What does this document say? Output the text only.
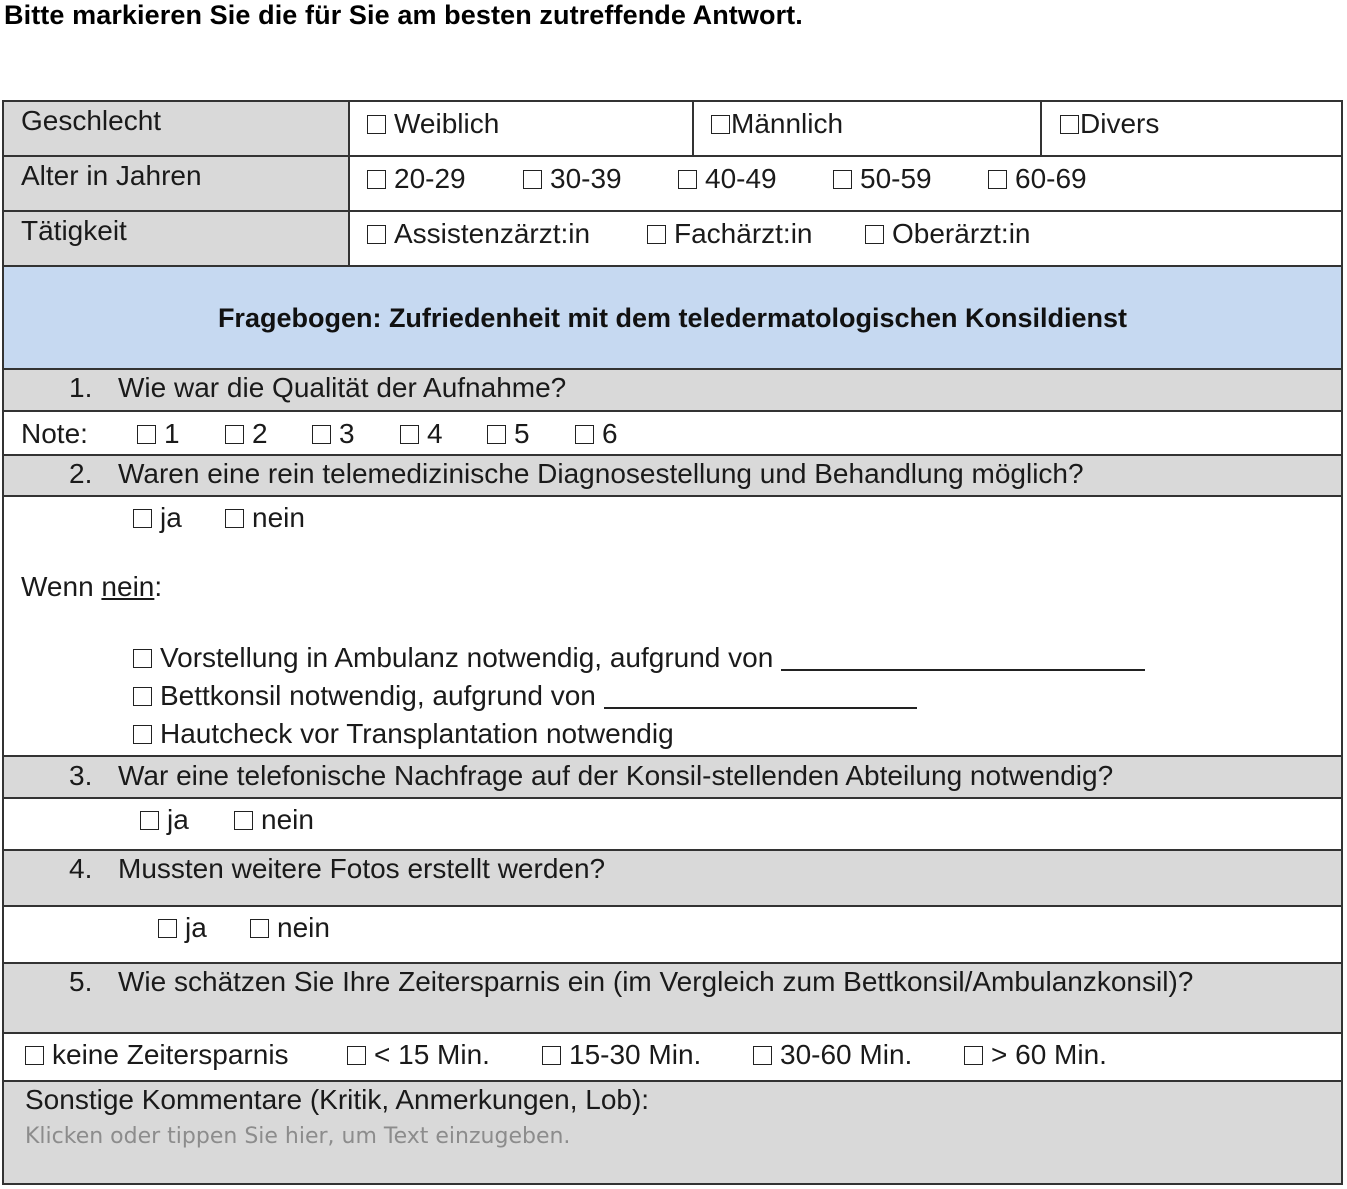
Bitte markieren Sie die für Sie am besten zutreffende Antwort.
Geschlecht	Weiblich	Männlich	Divers
Alter in Jahren	20-29	30-39	40-49	50-59	60-69
Tätigkeit	Assistenzärzt:in	Fachärzt:in	Oberärzt:in
Fragebogen: Zufriedenheit mit dem teledermatologischen Konsildienst
1. Wie war die Qualität der Aufnahme?
Note:	1	2	3	4	5	6
2. Waren eine rein telemedizinische Diagnosestellung und Behandlung möglich?
ja	nein
Wenn nein:
Vorstellung in Ambulanz notwendig, aufgrund von
Bettkonsil notwendig, aufgrund von
Hautcheck vor Transplantation notwendig
3. War eine telefonische Nachfrage auf der Konsil-stellenden Abteilung notwendig?
ja	nein
4. Mussten weitere Fotos erstellt werden?
ja	nein
5. Wie schätzen Sie Ihre Zeitersparnis ein (im Vergleich zum Bettkonsil/Ambulanzkonsil)?
keine Zeitersparnis	< 15 Min.	15-30 Min.	30-60 Min.	> 60 Min.
Sonstige Kommentare (Kritik, Anmerkungen, Lob):
Klicken oder tippen Sie hier, um Text einzugeben.
